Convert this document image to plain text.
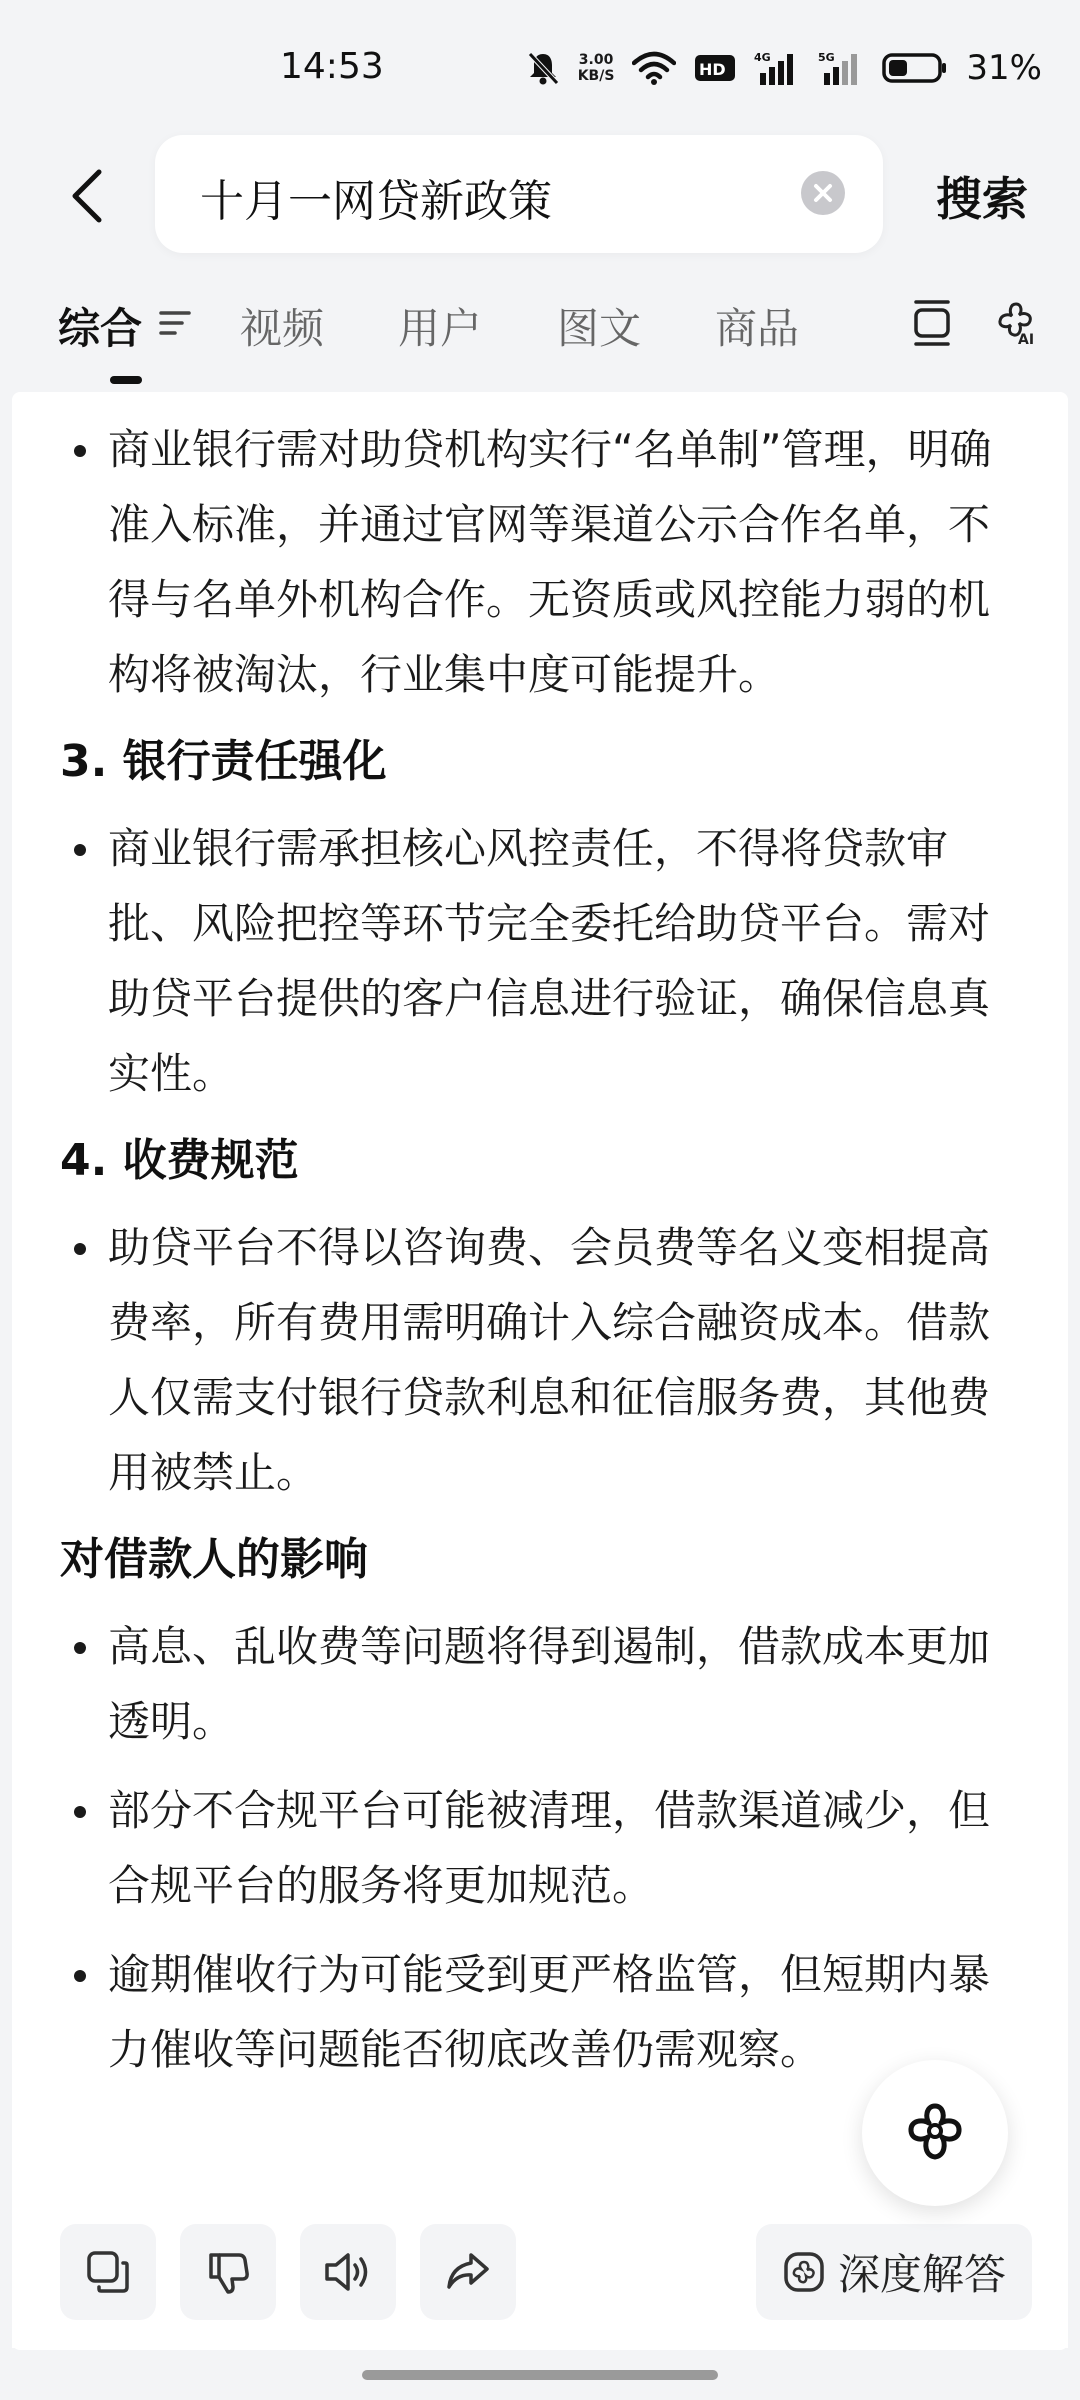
14:53	3.00
KB/S	HD
4G	5G	31%
十月一网贷新政策	搜索
综合 视频 用户 图文 商品	AI
商业银行需对助贷机构实行“名单制”管理，明确准入标准，并通过官网等渠道公示合作名单，不得与名单外机构合作。无资质或风控能力弱的机构将被淘汰，行业集中度可能提升。
3. 银行责任强化
商业银行需承担核心风控责任，不得将贷款审批、风险把控等环节完全委托给助贷平台。需对助贷平台提供的客户信息进行验证，确保信息真实性。
4. 收费规范
助贷平台不得以咨询费、会员费等名义变相提高费率，所有费用需明确计入综合融资成本。借款人仅需支付银行贷款利息和征信服务费，其他费用被禁止。
对借款人的影响
高息、乱收费等问题将得到遏制，借款成本更加透明。
部分不合规平台可能被清理，借款渠道减少，但合规平台的服务将更加规范。
逾期催收行为可能受到更严格监管，但短期内暴力催收等问题能否彻底改善仍需观察。
深度解答
